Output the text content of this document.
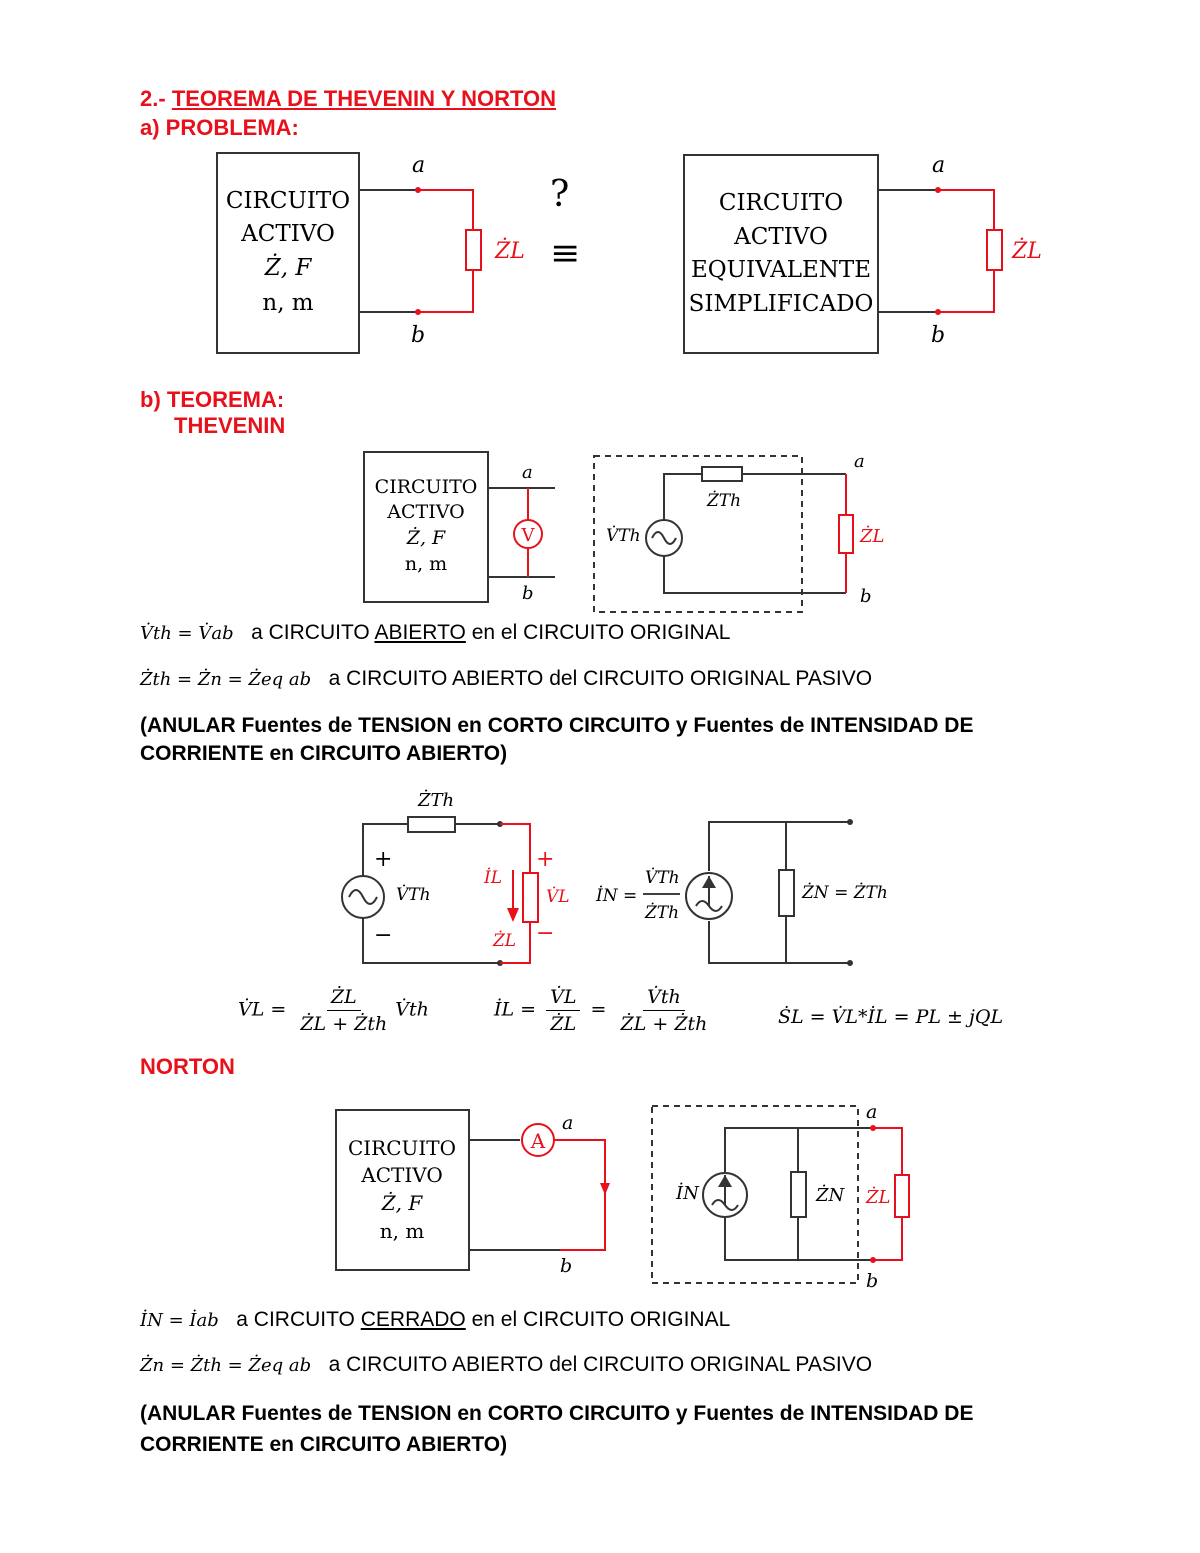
2.- TEOREMA DE THEVENIN Y NORTON
a) PROBLEMA:
CIRCUITO
ACTIVO
Ż, F
n, m
a
b
ŻL
?
≡
CIRCUITO
ACTIVO
EQUIVALENTE
SIMPLIFICADO
a
b
ŻL
b) TEOREMA:
THEVENIN
CIRCUITO
ACTIVO
Ż, F
n, m
V
a
b
V̇Th
ŻTh
ŻL
a
b
V̇th = V̇ab a CIRCUITO ABIERTO en el CIRCUITO ORIGINAL
Żth = Żn = Żeq ab a CIRCUITO ABIERTO del CIRCUITO ORIGINAL PASIVO
(ANULAR Fuentes de TENSION en CORTO CIRCUITO y Fuentes de INTENSIDAD DE CORRIENTE en CIRCUITO ABIERTO)
ŻTh
+
−
V̇Th
İL
V̇L
ŻL
+
−
İN =
V̇Th
ŻTh
ŻN = ŻTh
V̇L = $\frac{ŻL}{\text{ŻL + Żth}}$ V̇th	İL = $\frac{V̇L}{ŻL} = \frac{V̇th}{\text{ŻL + Żth}}$	ṠL = V̇L*İL = PL ± jQL
NORTON
CIRCUITO
ACTIVO
Ż, F
n, m
A
a
b
İN	ŻN ŻL
a
b
İN = İab a CIRCUITO CERRADO en el CIRCUITO ORIGINAL
Żn = Żth = Żeq ab a CIRCUITO ABIERTO del CIRCUITO ORIGINAL PASIVO
(ANULAR Fuentes de TENSION en CORTO CIRCUITO y Fuentes de INTENSIDAD DE CORRIENTE en CIRCUITO ABIERTO)
